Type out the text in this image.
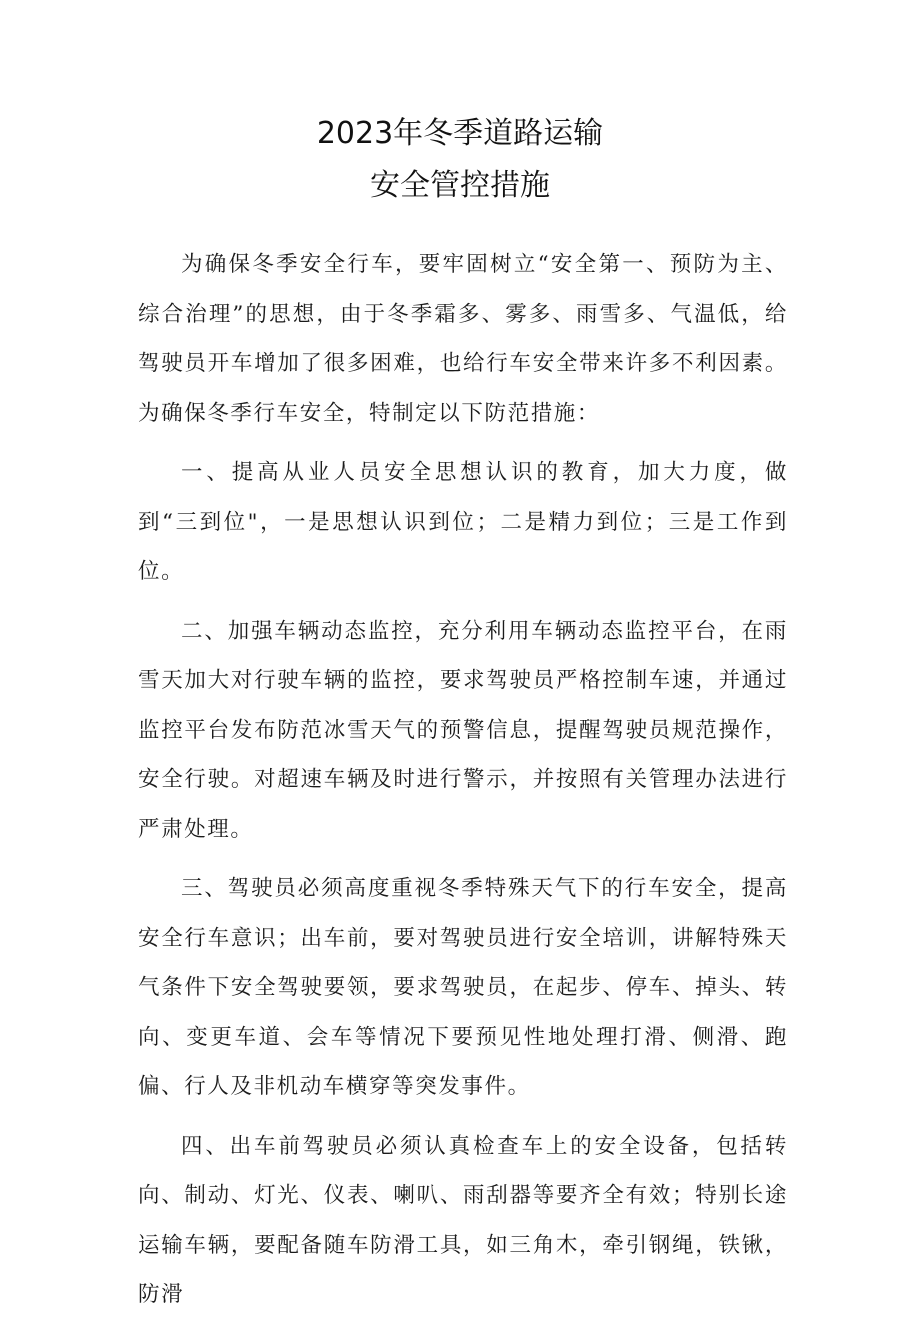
2023年冬季道路运输
安全管控措施

为确保冬季安全行车，要牢固树立“安全第一、预防为主、综合治理”的思想，由于冬季霜多、雾多、雨雪多、气温低，给驾驶员开车增加了很多困难，也给行车安全带来许多不利因素。为确保冬季行车安全，特制定以下防范措施：

一、提高从业人员安全思想认识的教育，加大力度，做到“三到位"，一是思想认识到位；二是精力到位；三是工作到位。

二、加强车辆动态监控，充分利用车辆动态监控平台，在雨雪天加大对行驶车辆的监控，要求驾驶员严格控制车速，并通过监控平台发布防范冰雪天气的预警信息，提醒驾驶员规范操作，安全行驶。对超速车辆及时进行警示，并按照有关管理办法进行严肃处理。

三、驾驶员必须高度重视冬季特殊天气下的行车安全，提高安全行车意识；出车前，要对驾驶员进行安全培训，讲解特殊天气条件下安全驾驶要领，要求驾驶员，在起步、停车、掉头、转向、变更车道、会车等情况下要预见性地处理打滑、侧滑、跑偏、行人及非机动车横穿等突发事件。

四、出车前驾驶员必须认真检查车上的安全设备，包括转向、制动、灯光、仪表、喇叭、雨刮器等要齐全有效；特别长途运输车辆，要配备随车防滑工具，如三角木，牵引钢绳，铁锹，防滑
